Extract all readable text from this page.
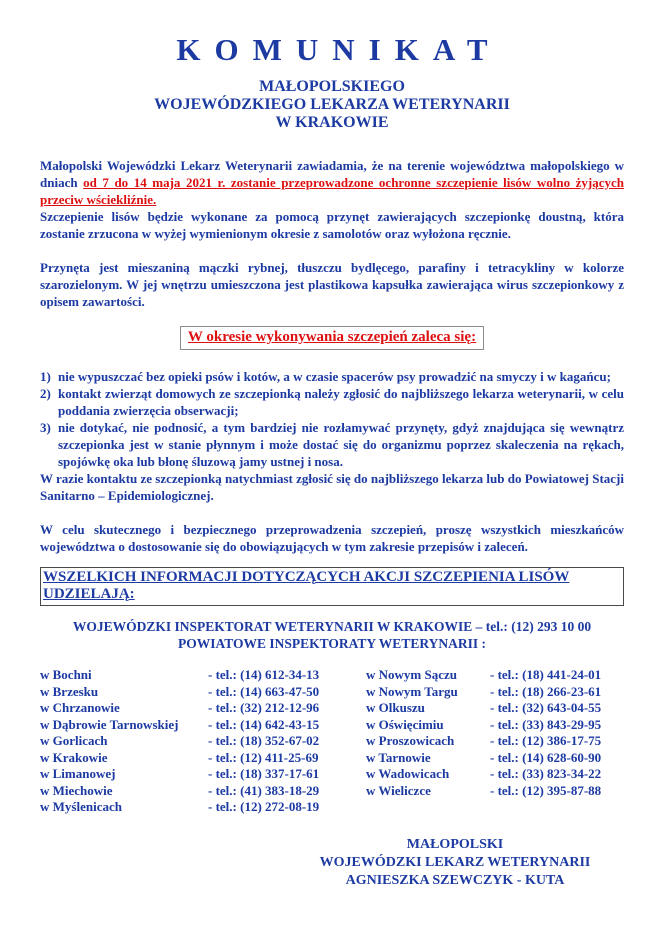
KOMUNIKAT
MAŁOPOLSKIEGO
WOJEWÓDZKIEGO LEKARZA WETERYNARII
W KRAKOWIE

Małopolski Wojewódzki Lekarz Weterynarii zawiadamia, że na terenie województwa małopolskiego w dniach od 7 do 14 maja 2021 r. zostanie przeprowadzone ochronne szczepienie lisów wolno żyjących przeciw wściekliźnie.

Szczepienie lisów będzie wykonane za pomocą przynęt zawierających szczepionkę doustną, która zostanie zrzucona w wyżej wymienionym okresie z samolotów oraz wyłożona ręcznie.

Przynęta jest mieszaniną mączki rybnej, tłuszczu bydlęcego, parafiny i tetracykliny w kolorze szarozielonym. W jej wnętrzu umieszczona jest plastikowa kapsułka zawierająca wirus szczepionkowy z opisem zawartości.

W okresie wykonywania szczepień zaleca się:
1) nie wypuszczać bez opieki psów i kotów, a w czasie spacerów psy prowadzić na smyczy i w kagańcu;
2) kontakt zwierząt domowych ze szczepionką należy zgłosić do najbliższego lekarza weterynarii, w celu poddania zwierzęcia obserwacji;
3) nie dotykać, nie podnosić, a tym bardziej nie rozłamywać przynęty, gdyż znajdująca się wewnątrz szczepionka jest w stanie płynnym i może dostać się do organizmu poprzez skaleczenia na rękach, spojówkę oka lub błonę śluzową jamy ustnej i nosa.

W razie kontaktu ze szczepionką natychmiast zgłosić się do najbliższego lekarza lub do Powiatowej Stacji Sanitarno – Epidemiologicznej.

W celu skutecznego i bezpiecznego przeprowadzenia szczepień, proszę wszystkich mieszkańców województwa o dostosowanie się do obowiązujących w tym zakresie przepisów i zaleceń.

WSZELKICH INFORMACJI DOTYCZĄCYCH AKCJI SZCZEPIENIA LISÓW UDZIELAJĄ:
WOJEWÓDZKI INSPEKTORAT WETERYNARII W KRAKOWIE – tel.: (12) 293 10 00
POWIATOWE INSPEKTORATY WETERYNARII :
w Bochni	- tel.: (14) 612-34-13
w Brzesku	- tel.: (14) 663-47-50
w Chrzanowie	- tel.: (32) 212-12-96
w Dąbrowie Tarnowskiej	- tel.: (14) 642-43-15
w Gorlicach	- tel.: (18) 352-67-02
w Krakowie	- tel.: (12) 411-25-69
w Limanowej	- tel.: (18) 337-17-61
w Miechowie	- tel.: (41) 383-18-29
w Myślenicach	- tel.: (12) 272-08-19
w Nowym Sączu	- tel.: (18) 441-24-01
w Nowym Targu	- tel.: (18) 266-23-61
w Olkuszu	- tel.: (32) 643-04-55
w Oświęcimiu	- tel.: (33) 843-29-95
w Proszowicach	- tel.: (12) 386-17-75
w Tarnowie	- tel.: (14) 628-60-90
w Wadowicach	- tel.: (33) 823-34-22
w Wieliczce	- tel.: (12) 395-87-88
MAŁOPOLSKI
WOJEWÓDZKI LEKARZ WETERYNARII
AGNIESZKA SZEWCZYK - KUTA
